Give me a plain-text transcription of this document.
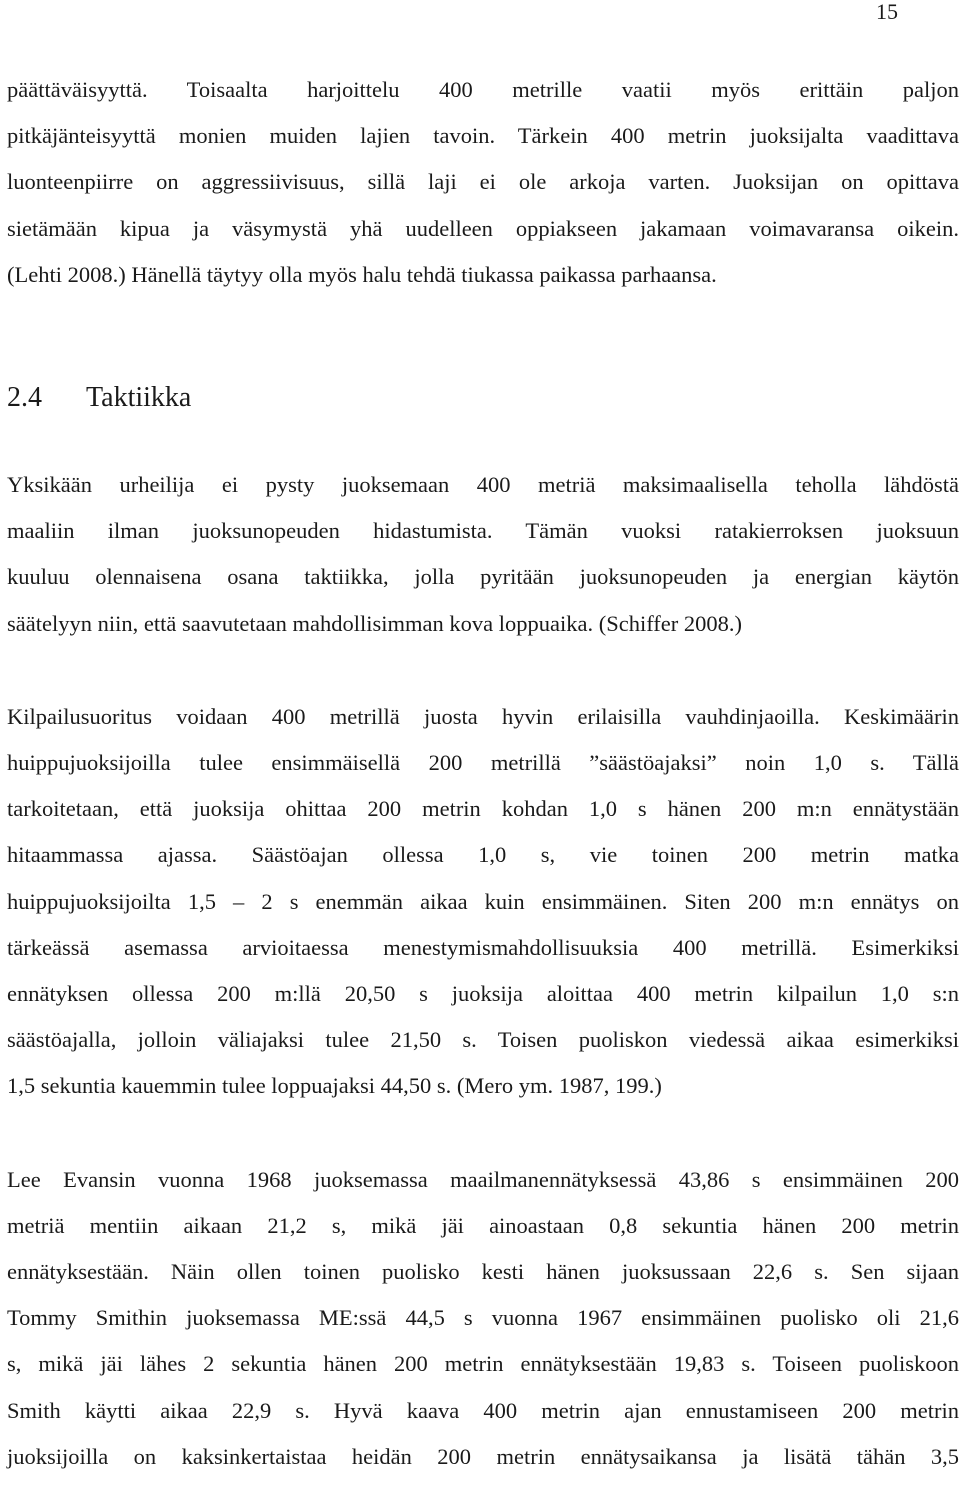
15

päättäväisyyttä. Toisaalta harjoittelu 400 metrille vaatii myös erittäin paljon
pitkäjänteisyyttä monien muiden lajien tavoin. Tärkein 400 metrin juoksijalta vaadittava
luonteenpiirre on aggressiivisuus, sillä laji ei ole arkoja varten. Juoksijan on opittava
sietämään kipua ja väsymystä yhä uudelleen oppiakseen jakamaan voimavaransa oikein.
(Lehti 2008.) Hänellä täytyy olla myös halu tehdä tiukassa paikassa parhaansa.

2.4 Taktiikka

Yksikään urheilija ei pysty juoksemaan 400 metriä maksimaalisella teholla lähdöstä
maaliin ilman juoksunopeuden hidastumista. Tämän vuoksi ratakierroksen juoksuun
kuuluu olennaisena osana taktiikka, jolla pyritään juoksunopeuden ja energian käytön
säätelyyn niin, että saavutetaan mahdollisimman kova loppuaika. (Schiffer 2008.)

Kilpailusuoritus voidaan 400 metrillä juosta hyvin erilaisilla vauhdinjaoilla. Keskimäärin
huippujuoksijoilla tulee ensimmäisellä 200 metrillä ”säästöajaksi” noin 1,0 s. Tällä
tarkoitetaan, että juoksija ohittaa 200 metrin kohdan 1,0 s hänen 200 m:n ennätystään
hitaammassa ajassa. Säästöajan ollessa 1,0 s, vie toinen 200 metrin matka
huippujuoksijoilta 1,5 – 2 s enemmän aikaa kuin ensimmäinen. Siten 200 m:n ennätys on
tärkeässä asemassa arvioitaessa menestymismahdollisuuksia 400 metrillä. Esimerkiksi
ennätyksen ollessa 200 m:llä 20,50 s juoksija aloittaa 400 metrin kilpailun 1,0 s:n
säästöajalla, jolloin väliajaksi tulee 21,50 s. Toisen puoliskon viedessä aikaa esimerkiksi
1,5 sekuntia kauemmin tulee loppuajaksi 44,50 s. (Mero ym. 1987, 199.)

Lee Evansin vuonna 1968 juoksemassa maailmanennätyksessä 43,86 s ensimmäinen 200
metriä mentiin aikaan 21,2 s, mikä jäi ainoastaan 0,8 sekuntia hänen 200 metrin
ennätyksestään. Näin ollen toinen puolisko kesti hänen juoksussaan 22,6 s. Sen sijaan
Tommy Smithin juoksemassa ME:ssä 44,5 s vuonna 1967 ensimmäinen puolisko oli 21,6
s, mikä jäi lähes 2 sekuntia hänen 200 metrin ennätyksestään 19,83 s. Toiseen puoliskoon
Smith käytti aikaa 22,9 s. Hyvä kaava 400 metrin ajan ennustamiseen 200 metrin
juoksijoilla on kaksinkertaistaa heidän 200 metrin ennätysaikansa ja lisätä tähän 3,5
